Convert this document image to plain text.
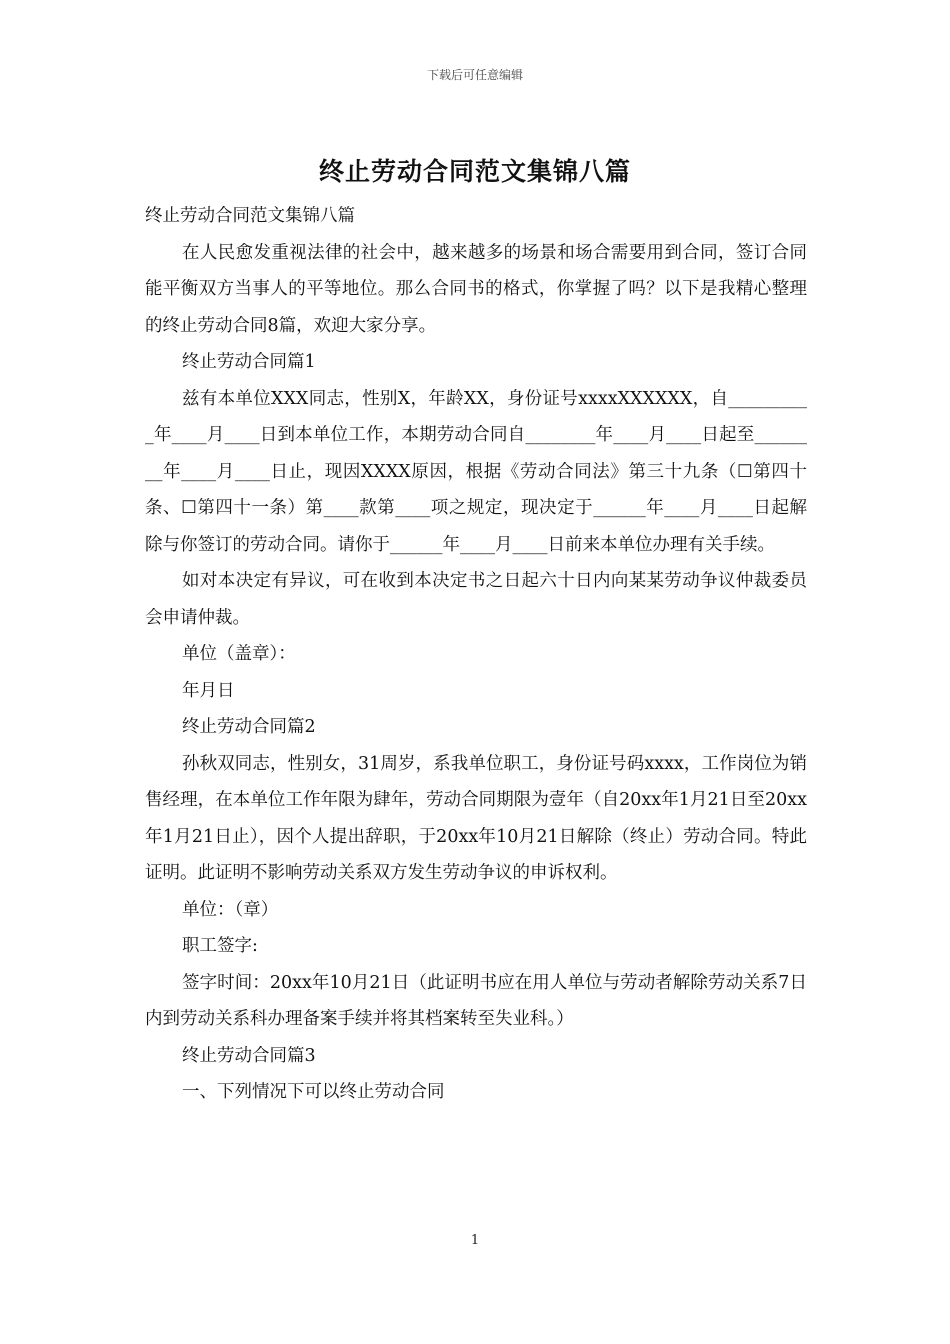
下载后可任意编辑
终止劳动合同范文集锦八篇

终止劳动合同范文集锦八篇

在人民愈发重视法律的社会中，越来越多的场景和场合需要用到合同，签订合同能平衡双方当事人的平等地位。那么合同书的格式，你掌握了吗？以下是我精心整理的终止劳动合同8篇，欢迎大家分享。

终止劳动合同篇1

兹有本单位XXX同志，性别X，年龄XX，身份证号xxxxXXXXXX，自__________年____月____日到本单位工作，本期劳动合同自________年____月____日起至________年____月____日止，现因XXXX原因，根据《劳动合同法》第三十九条（☐第四十条、☐第四十一条）第____款第____项之规定，现决定于______年____月____日起解除与你签订的劳动合同。请你于______年____月____日前来本单位办理有关手续。

如对本决定有异议，可在收到本决定书之日起六十日内向某某劳动争议仲裁委员会申请仲裁。

单位（盖章）：

年月日

终止劳动合同篇2

孙秋双同志，性别女，31周岁，系我单位职工，身份证号码xxxx，工作岗位为销售经理，在本单位工作年限为肆年，劳动合同期限为壹年（自20xx年1月21日至20xx年1月21日止），因个人提出辞职，于20xx年10月21日解除（终止）劳动合同。特此证明。此证明不影响劳动关系双方发生劳动争议的申诉权利。

单位：（章）

职工签字:

签字时间：20xx年10月21日（此证明书应在用人单位与劳动者解除劳动关系7日内到劳动关系科办理备案手续并将其档案转至失业科。）

终止劳动合同篇3

一、下列情况下可以终止劳动合同

1
